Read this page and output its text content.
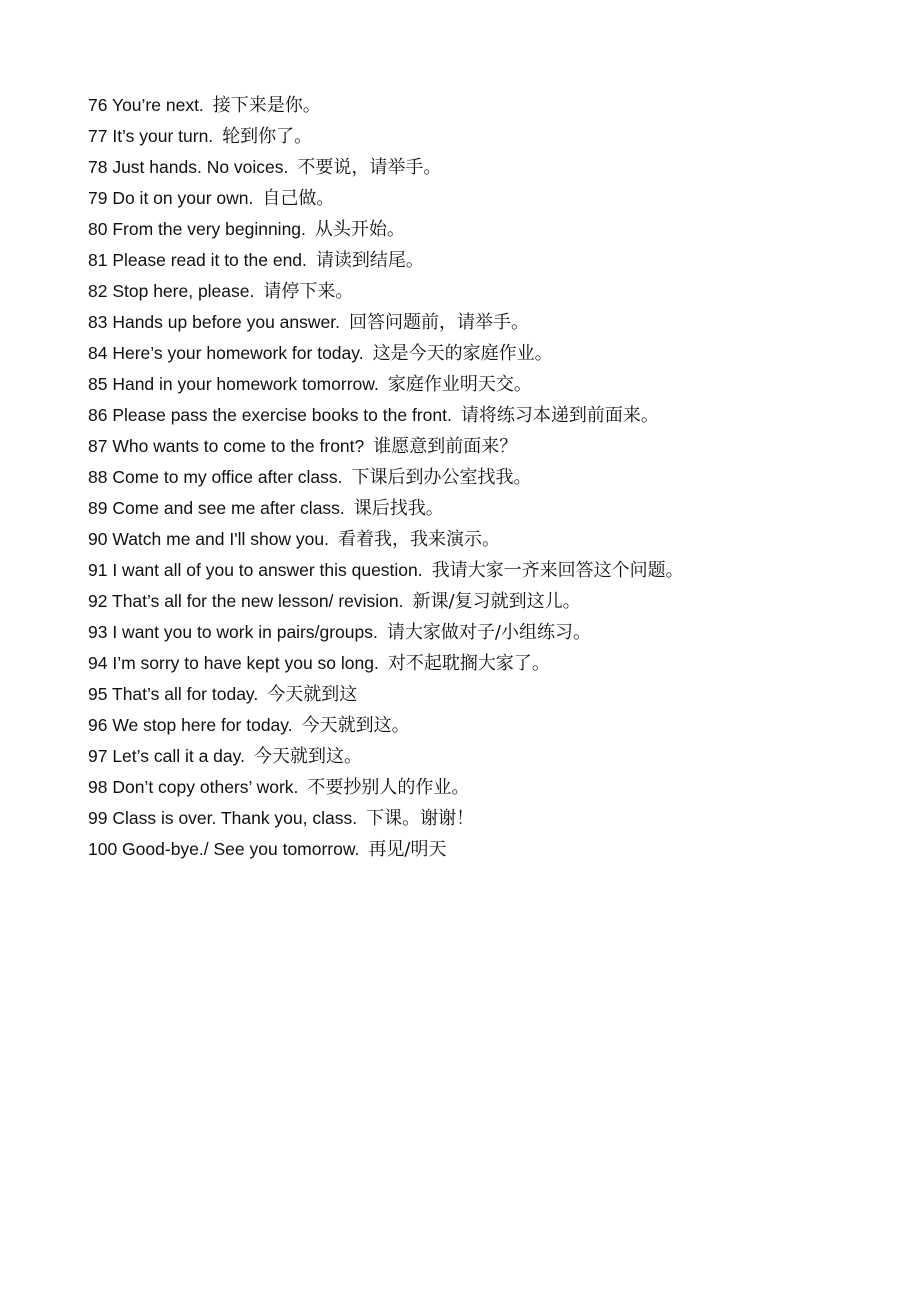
76 You’re next. 接下来是你。
77 It’s your turn. 轮到你了。
78 Just hands. No voices. 不要说，请举手。
79 Do it on your own. 自己做。
80 From the very beginning. 从头开始。
81 Please read it to the end. 请读到结尾。
82 Stop here, please. 请停下来。
83 Hands up before you answer. 回答问题前，请举手。
84 Here’s your homework for today. 这是今天的家庭作业。
85 Hand in your homework tomorrow. 家庭作业明天交。
86 Please pass the exercise books to the front. 请将练习本递到前面来。
87 Who wants to come to the front? 谁愿意到前面来？
88 Come to my office after class. 下课后到办公室找我。
89 Come and see me after class. 课后找我。
90 Watch me and I'll show you. 看着我，我来演示。
91 I want all of you to answer this question. 我请大家一齐来回答这个问题。
92 That’s all for the new lesson/ revision. 新课/复习就到这儿。
93 I want you to work in pairs/groups. 请大家做对子/小组练习。
94 I’m sorry to have kept you so long. 对不起耽搁大家了。
95 That’s all for today. 今天就到这
96 We stop here for today. 今天就到这。
97 Let’s call it a day. 今天就到这。
98 Don’t copy others’ work. 不要抄别人的作业。
99 Class is over. Thank you, class. 下课。谢谢！
100 Good-bye./ See you tomorrow. 再见/明天
